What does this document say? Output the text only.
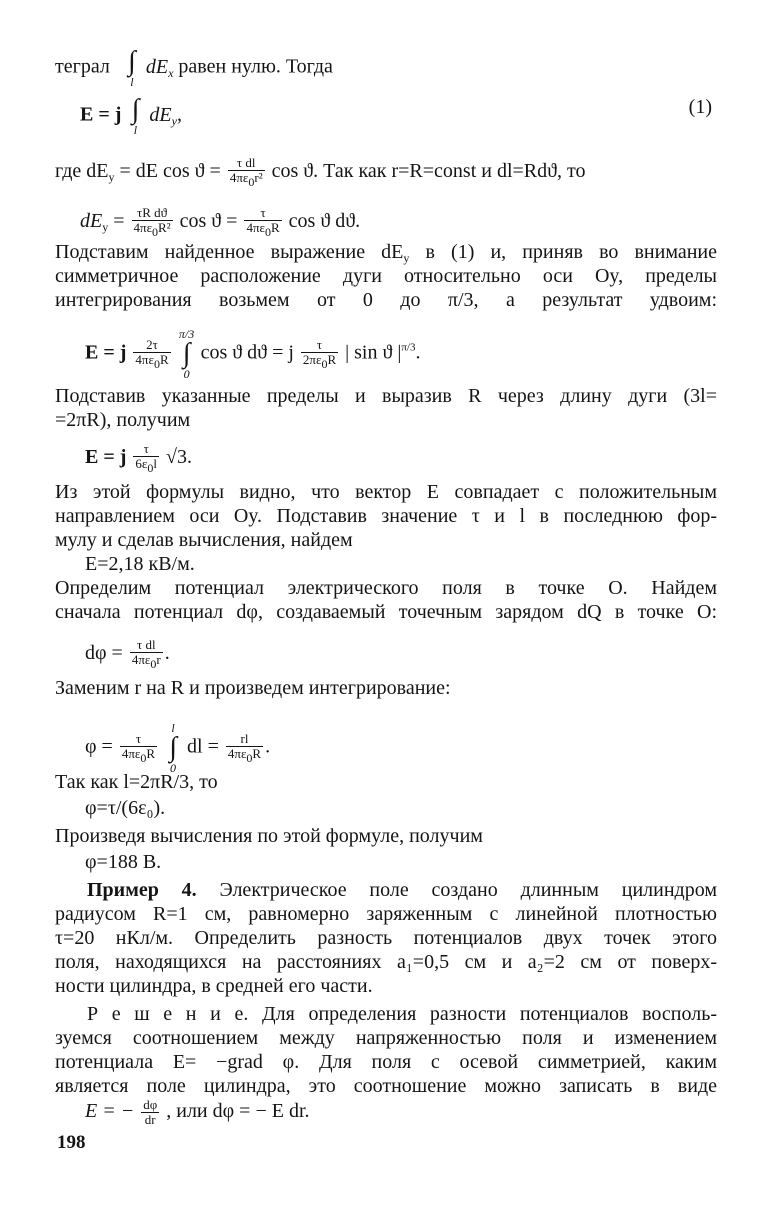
теграл ∫
l
$dE_x$ равен нулю. Тогда
E = j ∫
l
$dE_y$,	(1)
где $dE_y$ = dE $\cos ϑ = \frac{\text{τ dl}}{\text{4πε0r²}}$ cos ϑ. Так как r=R=const и dl=Rdϑ, то
$dE_y = \frac{\text{τR dϑ}}{\text{4πε0R²}}$ $\cos ϑ = \frac{\tau}{4\pi\varepsilon 0R}$ cos ϑ dϑ.
Подставим найденное выражение $dE_y$ в (1) и, приняв во внимание
симметричное расположение дуги относительно оси Oy, пределы
интегрирования возьмем от 0 до π/3, а результат удвоим:
E = j $\frac{2\tau}{4\pi\varepsilon 0R}$

π/3
∫
0
cos ϑ dϑ = j $\frac{\tau}{2\pi\varepsilon 0R}$ | sin ϑ $|^{\pi/3}$.
Подставив указанные пределы и выразив R через длину дуги (3l=
=2πR), получим
E = j $\frac{\tau}{6\varepsilon 0l} √3$.
Из этой формулы видно, что вектор E совпадает с положительным
направлением оси Oy. Подставив значение τ и l в последнюю фор-
мулу и сделав вычисления, найдем
E=2,18 кВ/м.
Определим потенциал электрического поля в точке O. Найдем
сначала потенциал dφ, создаваемый точечным зарядом dQ в точке O:
$d\varphi = \frac{\text{τ dl}}{4\pi\varepsilon 0r}$ .
Заменим r на R и произведем интегрирование:
$\varphi = \frac{\tau}{4\pi\varepsilon 0R}$

l
∫
0
dl = $\frac{rl}{4\pi\varepsilon 0R}$ .
Так как l=2πR/3, то
φ=τ/(6ε₀).
Произведя вычисления по этой формуле, получим
φ=188 В.
Пример 4. Электрическое поле создано длинным цилиндром
радиусом R=1 см, равномерно заряженным с линейной плотностью
τ=20 нКл/м. Определить разность потенциалов двух точек этого
поля, находящихся на расстояниях a₁=0,5 см и a₂=2 см от поверх-
ности цилиндра, в средней его части.
Р е ш е н и е. Для определения разности потенциалов восполь-
зуемся соотношением между напряженностью поля и изменением
потенциала E= −grad φ. Для поля с осевой симметрией, каким
является поле цилиндра, это соотношение можно записать в виде
E = − $\frac{d\varphi}{dr}$ , или dφ = − E dr.
198
